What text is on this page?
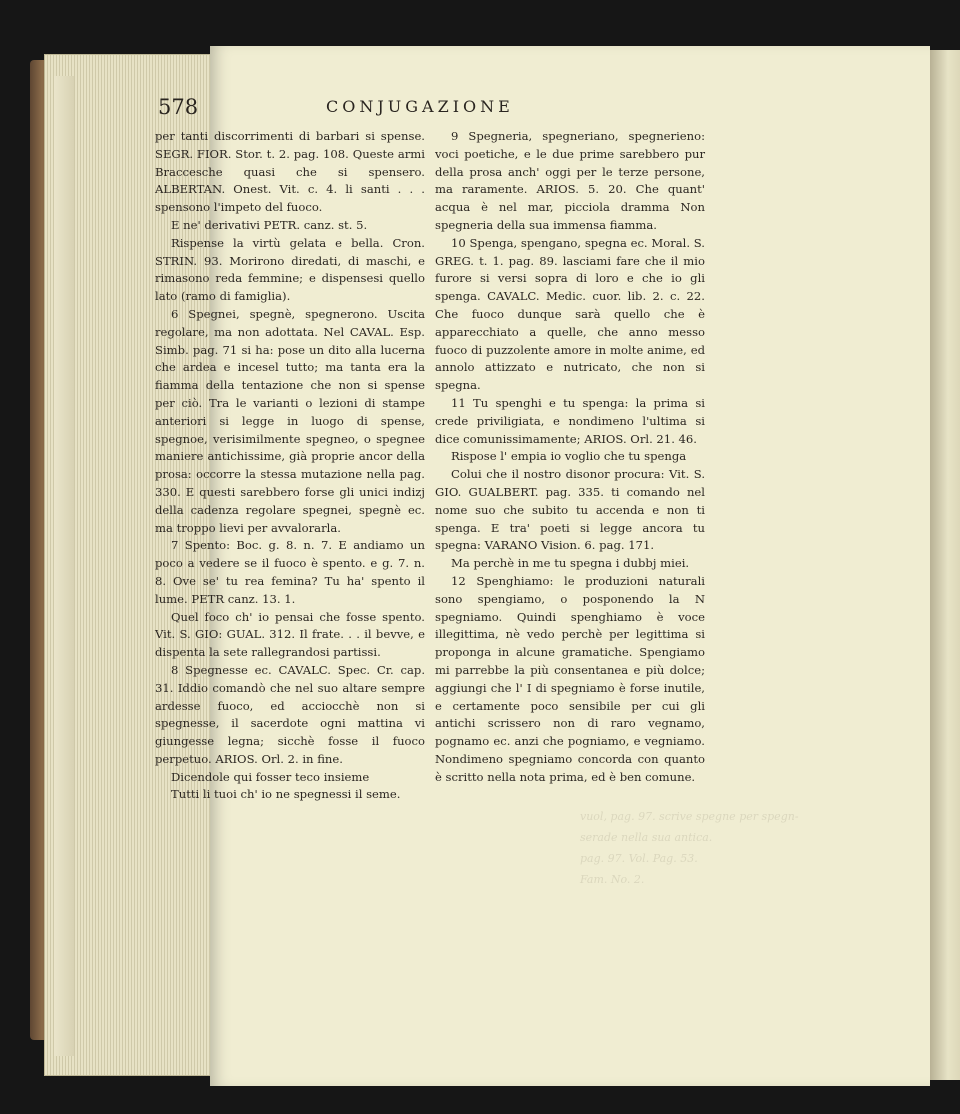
vuol, pag. 97. scrive spegne per spegn-
serade nella sua antica.
pag. 97. Vol. Pag. 53.
Fam. No. 2.
578	CONJUGAZIONE

per tanti discorrimenti di barbari si spense. SEGR. FIOR. Stor. t. 2. pag. 108. Queste armi Braccesche quasi che si spensero. ALBERTAN. Onest. Vit. c. 4. li santi . . . spensono l'impeto del fuoco.

E ne' derivativi PETR. canz. st. 5.

Rispense la virtù gelata e bella. Cron. STRIN. 93. Morirono diredati, di maschi, e rimasono reda femmine; e dispensesi quello lato (ramo di famiglia).

6 Spegnei, spegnè, spegnerono. Uscita regolare, ma non adottata. Nel CAVAL. Esp. Simb. pag. 71 si ha: pose un dito alla lucerna che ardea e incesel tutto; ma tanta era la fiamma della tentazione che non si spense per ciò. Tra le varianti o lezioni di stampe anteriori si legge in luogo di spense, spegnoe, verisimilmente spegneo, o spegnee maniere antichissime, già proprie ancor della prosa: occorre la stessa mutazione nella pag. 330. E questi sarebbero forse gli unici indizj della cadenza regolare spegnei, spegnè ec. ma troppo lievi per avvalorarla.

7 Spento: Boc. g. 8. n. 7. E andiamo un poco a vedere se il fuoco è spento. e g. 7. n. 8. Ove se' tu rea femina? Tu ha' spento il lume. PETR canz. 13. 1.

Quel foco ch' io pensai che fosse spento. Vit. S. GIO: GUAL. 312. Il frate. . . il bevve, e dispenta la sete rallegrandosi partissi.

8 Spegnesse ec. CAVALC. Spec. Cr. cap. 31. Iddio comandò che nel suo altare sempre ardesse fuoco, ed acciocchè non si spegnesse, il sacerdote ogni mattina vi giungesse legna; sicchè fosse il fuoco perpetuo. ARIOS. Orl. 2. in fine.

Dicendole qui fosser teco insieme

Tutti li tuoi ch' io ne spegnessi il seme.

9 Spegneria, spegneriano, spegnerieno: voci poetiche, e le due prime sarebbero pur della prosa anch' oggi per le terze persone, ma raramente. ARIOS. 5. 20. Che quant' acqua è nel mar, picciola dramma Non spegneria della sua immensa fiamma.

10 Spenga, spengano, spegna ec. Moral. S. GREG. t. 1. pag. 89. lasciami fare che il mio furore si versi sopra di loro e che io gli spenga. CAVALC. Medic. cuor. lib. 2. c. 22. Che fuoco dunque sarà quello che è apparecchiato a quelle, che anno messo fuoco di puzzolente amore in molte anime, ed annolo attizzato e nutricato, che non si spegna.

11 Tu spenghi e tu spenga: la prima si crede priviligiata, e nondimeno l'ultima si dice comunissimamente; ARIOS. Orl. 21. 46.

Rispose l' empia io voglio che tu spenga

Colui che il nostro disonor procura: Vit. S. GIO. GUALBERT. pag. 335. ti comando nel nome suo che subito tu accenda e non ti spenga. E tra' poeti si legge ancora tu spegna: VARANO Vision. 6. pag. 171.

Ma perchè in me tu spegna i dubbj miei.

12 Spenghiamo: le produzioni naturali sono spengiamo, o posponendo la N spegniamo. Quindi spenghiamo è voce illegittima, nè vedo perchè per legittima si proponga in alcune gramatiche. Spengiamo mi parrebbe la più consentanea e più dolce; aggiungi che l' I di spegniamo è forse inutile, e certamente poco sensibile per cui gli antichi scrissero non di raro vegnamo, pognamo ec. anzi che pogniamo, e vegniamo. Nondimeno spegniamo concorda con quanto è scritto nella nota prima, ed è ben comune.
